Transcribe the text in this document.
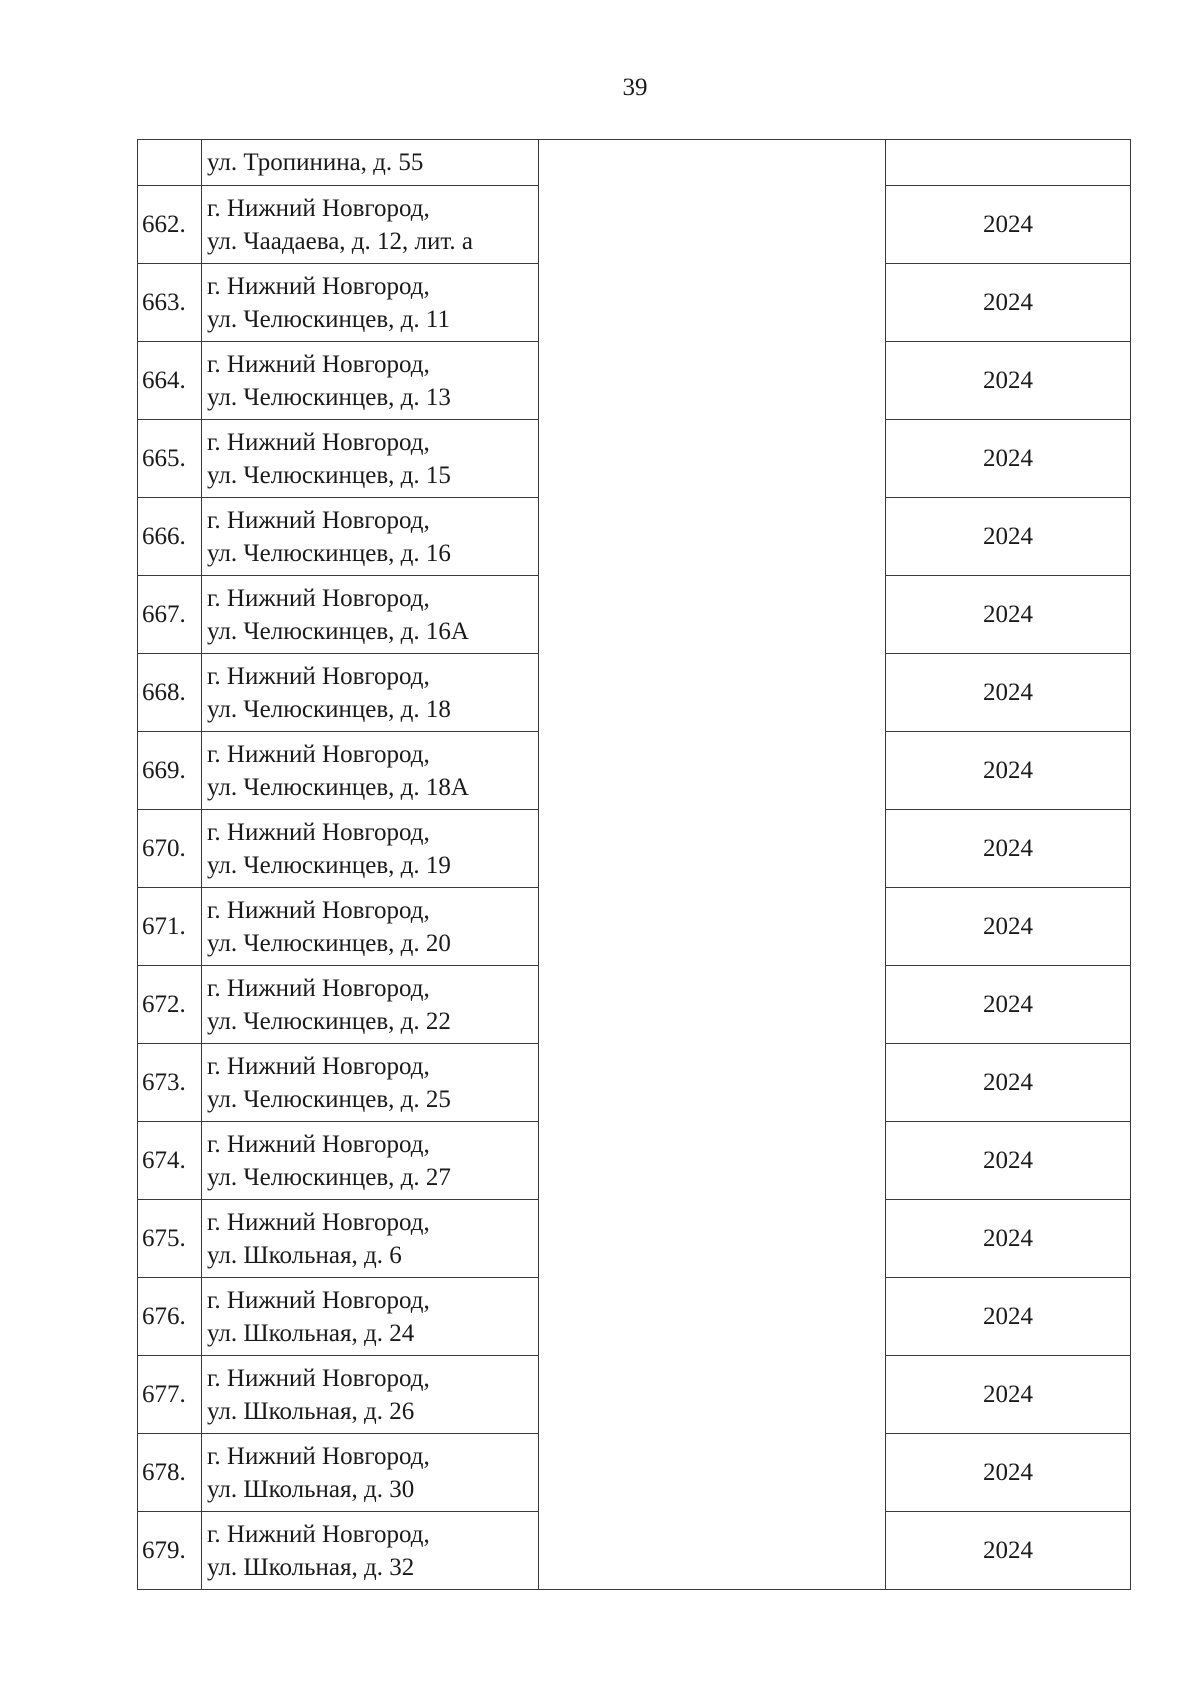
39

	ул. Тропинина, д. 55		

662.	г. Нижний Новгород,
ул. Чаадаева, д. 12, лит. а		2024
663.	г. Нижний Новгород,
ул. Челюскинцев, д. 11		2024
664.	г. Нижний Новгород,
ул. Челюскинцев, д. 13		2024
665.	г. Нижний Новгород,
ул. Челюскинцев, д. 15		2024
666.	г. Нижний Новгород,
ул. Челюскинцев, д. 16		2024
667.	г. Нижний Новгород,
ул. Челюскинцев, д. 16А		2024
668.	г. Нижний Новгород,
ул. Челюскинцев, д. 18		2024
669.	г. Нижний Новгород,
ул. Челюскинцев, д. 18А		2024
670.	г. Нижний Новгород,
ул. Челюскинцев, д. 19		2024
671.	г. Нижний Новгород,
ул. Челюскинцев, д. 20		2024
672.	г. Нижний Новгород,
ул. Челюскинцев, д. 22		2024
673.	г. Нижний Новгород,
ул. Челюскинцев, д. 25		2024
674.	г. Нижний Новгород,
ул. Челюскинцев, д. 27		2024
675.	г. Нижний Новгород,
ул. Школьная, д. 6		2024
676.	г. Нижний Новгород,
ул. Школьная, д. 24		2024
677.	г. Нижний Новгород,
ул. Школьная, д. 26		2024
678.	г. Нижний Новгород,
ул. Школьная, д. 30		2024
679.	г. Нижний Новгород,
ул. Школьная, д. 32		2024
